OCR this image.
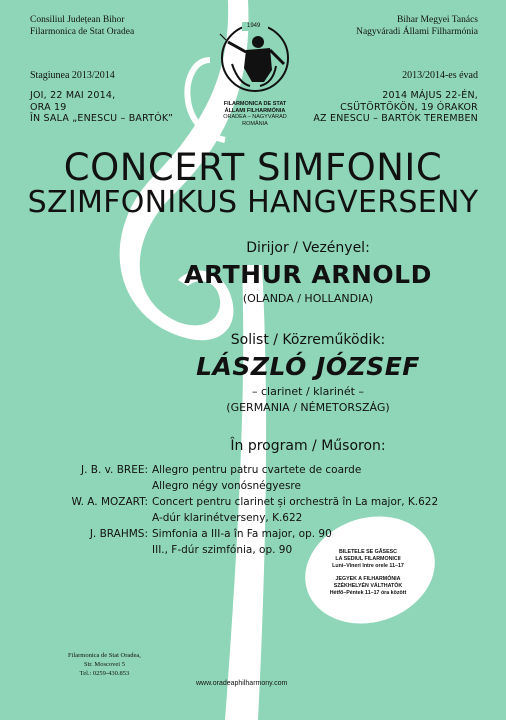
Consiliul Județean Bihor
Filarmonica de Stat Oradea
Stagiunea 2013/2014
JOI, 22 MAI 2014,
ORA 19
ÎN SALA „ENESCU – BARTÓK”
Bihar Megyei Tanács
Nagyváradi Állami Filharmónia
2013/2014-es évad
2014 MÁJUS 22-ÉN,
CSÜTÖRTÖKÖN, 19 ÓRAKOR
AZ ENESCU – BARTÓK TEREMBEN
1949
FILARMONICA DE STAT
ÁLLAMI FILHARMÓNIA
ORADEA – NAGYVÁRAD
ROMÂNIA
CONCERT SIMFONIC
SZIMFONIKUS HANGVERSENY
Dirijor / Vezényel:
ARTHUR ARNOLD
(OLANDA / HOLLANDIA)
Solist / Közreműködik:
LÁSZLÓ JÓZSEF
– clarinet / klarinét –
(GERMANIA / NÉMETORSZÁG)
În program / Műsoron:
J. B. v. BREE: Allegro pentru patru cvartete de coarde
Allegro négy vonósnégyesre
W. A. MOZART: Concert pentru clarinet și orchestră în La major, K.622
A-dúr klarinétverseny, K.622
J. BRAHMS: Simfonia a III-a în Fa major, op. 90
III., F-dúr szimfónia, op. 90	BILETELE SE GĂSESC
LA SEDIUL FILARMONICII
Luni–Vineri între orele 11–17
JEGYEK A FILHARMÓNIA
SZÉKHELYÉN VÁLTHATÓK
Hétfő–Péntek 11–17 óra között
Filarmonica de Stat Oradea,
Str. Moscovei 5
Tel.: 0259-430.853
www.oradeaphilharmony.com
